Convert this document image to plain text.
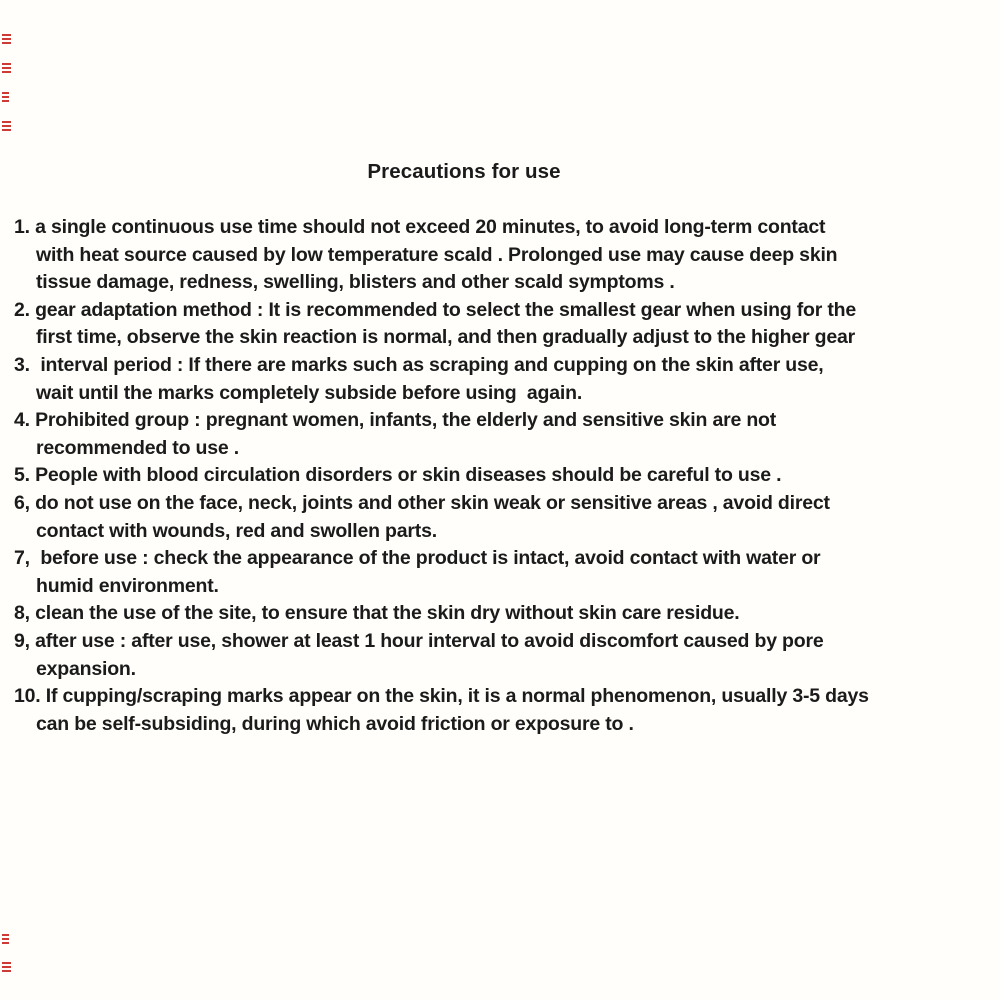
Precautions for use
1. a single continuous use time should not exceed 20 minutes, to avoid long-term contact
with heat source caused by low temperature scald . Prolonged use may cause deep skin
tissue damage, redness, swelling, blisters and other scald symptoms .
2. gear adaptation method : It is recommended to select the smallest gear when using for the
first time, observe the skin reaction is normal, and then gradually adjust to the higher gear
3.  interval period : If there are marks such as scraping and cupping on the skin after use,
wait until the marks completely subside before using  again.
4. Prohibited group : pregnant women, infants, the elderly and sensitive skin are not
recommended to use .
5. People with blood circulation disorders or skin diseases should be careful to use .
6, do not use on the face, neck, joints and other skin weak or sensitive areas , avoid direct
contact with wounds, red and swollen parts.
7,  before use : check the appearance of the product is intact, avoid contact with water or
humid environment.
8, clean the use of the site, to ensure that the skin dry without skin care residue.
9, after use : after use, shower at least 1 hour interval to avoid discomfort caused by pore
expansion.
10. If cupping/scraping marks appear on the skin, it is a normal phenomenon, usually 3-5 days
can be self-subsiding, during which avoid friction or exposure to .
